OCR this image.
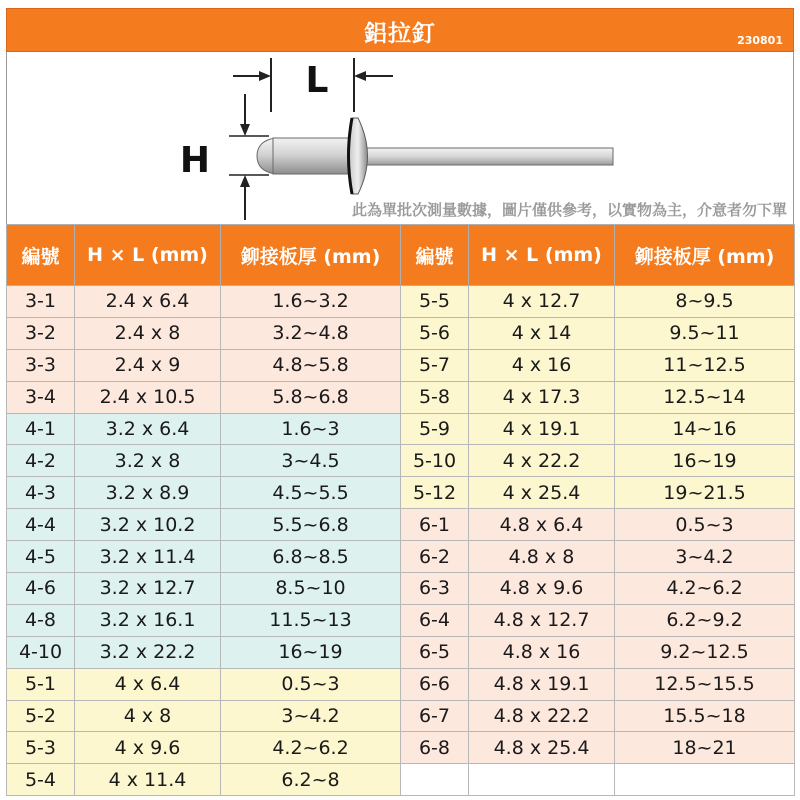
鋁拉釘	230801
L
H
此為單批次測量數據，圖片僅供參考，以實物為主，介意者勿下單
編號	H × L (mm)	鉚接板厚 (mm)	編號	H × L (mm)	鉚接板厚 (mm)
3-1	2.4 x 6.4	1.6~3.2	5-5	4 x 12.7	8~9.5
3-2	2.4 x 8	3.2~4.8	5-6	4 x 14	9.5~11
3-3	2.4 x 9	4.8~5.8	5-7	4 x 16	11~12.5
3-4	2.4 x 10.5	5.8~6.8	5-8	4 x 17.3	12.5~14
4-1	3.2 x 6.4	1.6~3	5-9	4 x 19.1	14~16
4-2	3.2 x 8	3~4.5	5-10	4 x 22.2	16~19
4-3	3.2 x 8.9	4.5~5.5	5-12	4 x 25.4	19~21.5
4-4	3.2 x 10.2	5.5~6.8	6-1	4.8 x 6.4	0.5~3
4-5	3.2 x 11.4	6.8~8.5	6-2	4.8 x 8	3~4.2
4-6	3.2 x 12.7	8.5~10	6-3	4.8 x 9.6	4.2~6.2
4-8	3.2 x 16.1	11.5~13	6-4	4.8 x 12.7	6.2~9.2
4-10	3.2 x 22.2	16~19	6-5	4.8 x 16	9.2~12.5
5-1	4 x 6.4	0.5~3	6-6	4.8 x 19.1	12.5~15.5
5-2	4 x 8	3~4.2	6-7	4.8 x 22.2	15.5~18
5-3	4 x 9.6	4.2~6.2	6-8	4.8 x 25.4	18~21
5-4	4 x 11.4	6.2~8			
